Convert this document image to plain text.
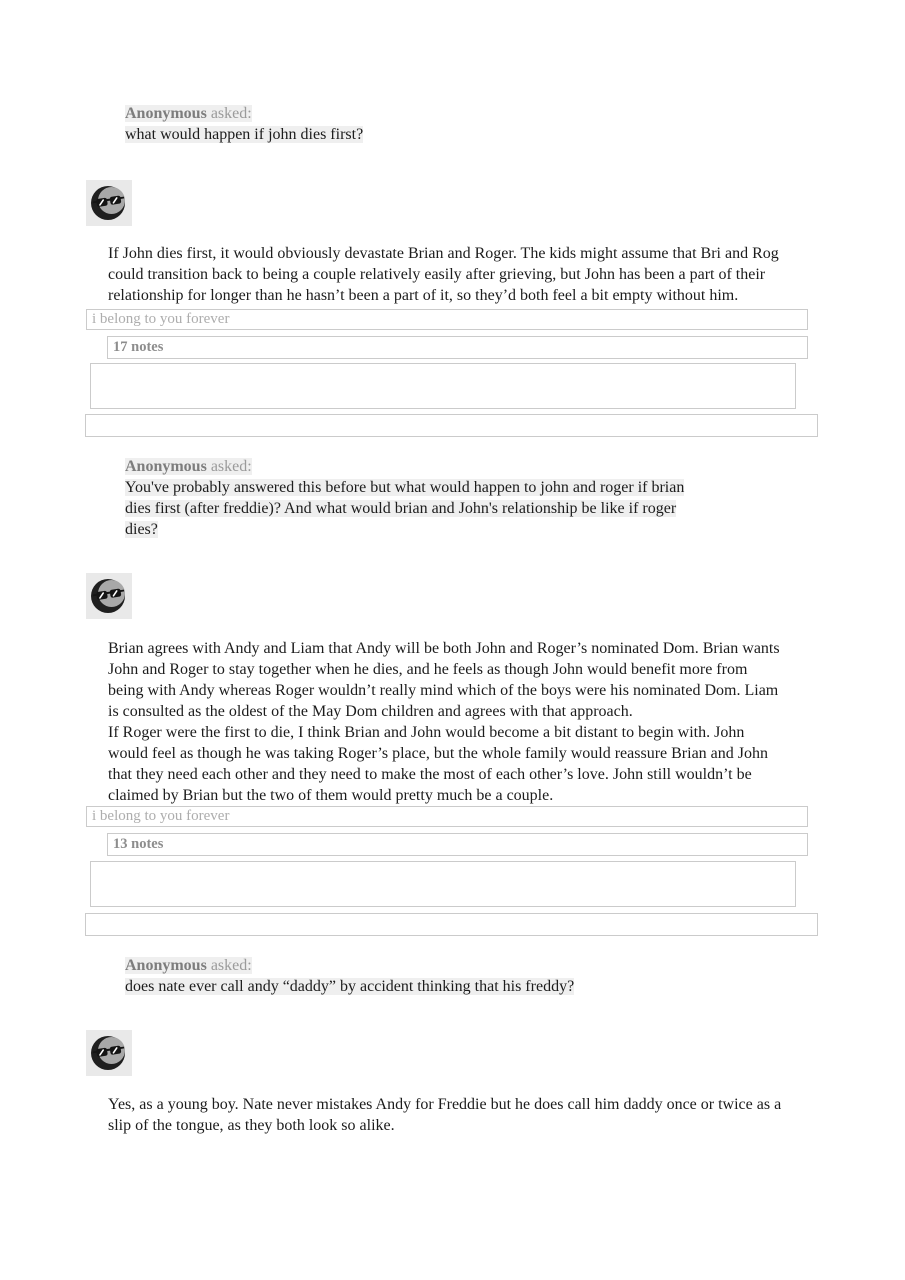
Anonymous asked:
what would happen if john dies first?
If John dies first, it would obviously devastate Brian and Roger. The kids might assume that Bri and Rog could transition back to being a couple relatively easily after grieving, but John has been a part of their relationship for longer than he hasn’t been a part of it, so they’d both feel a bit empty without him.
i belong to you forever
17 notes
Anonymous asked:
You've probably answered this before but what would happen to john and roger if brian dies first (after freddie)? And what would brian and John's relationship be like if roger dies?
Brian agrees with Andy and Liam that Andy will be both John and Roger’s nominated Dom. Brian wants John and Roger to stay together when he dies, and he feels as though John would benefit more from being with Andy whereas Roger wouldn’t really mind which of the boys were his nominated Dom. Liam is consulted as the oldest of the May Dom children and agrees with that approach.
If Roger were the first to die, I think Brian and John would become a bit distant to begin with. John would feel as though he was taking Roger’s place, but the whole family would reassure Brian and John that they need each other and they need to make the most of each other’s love. John still wouldn’t be claimed by Brian but the two of them would pretty much be a couple.
i belong to you forever
13 notes
Anonymous asked:
does nate ever call andy “daddy” by accident thinking that his freddy?
Yes, as a young boy. Nate never mistakes Andy for Freddie but he does call him daddy once or twice as a slip of the tongue, as they both look so alike.
